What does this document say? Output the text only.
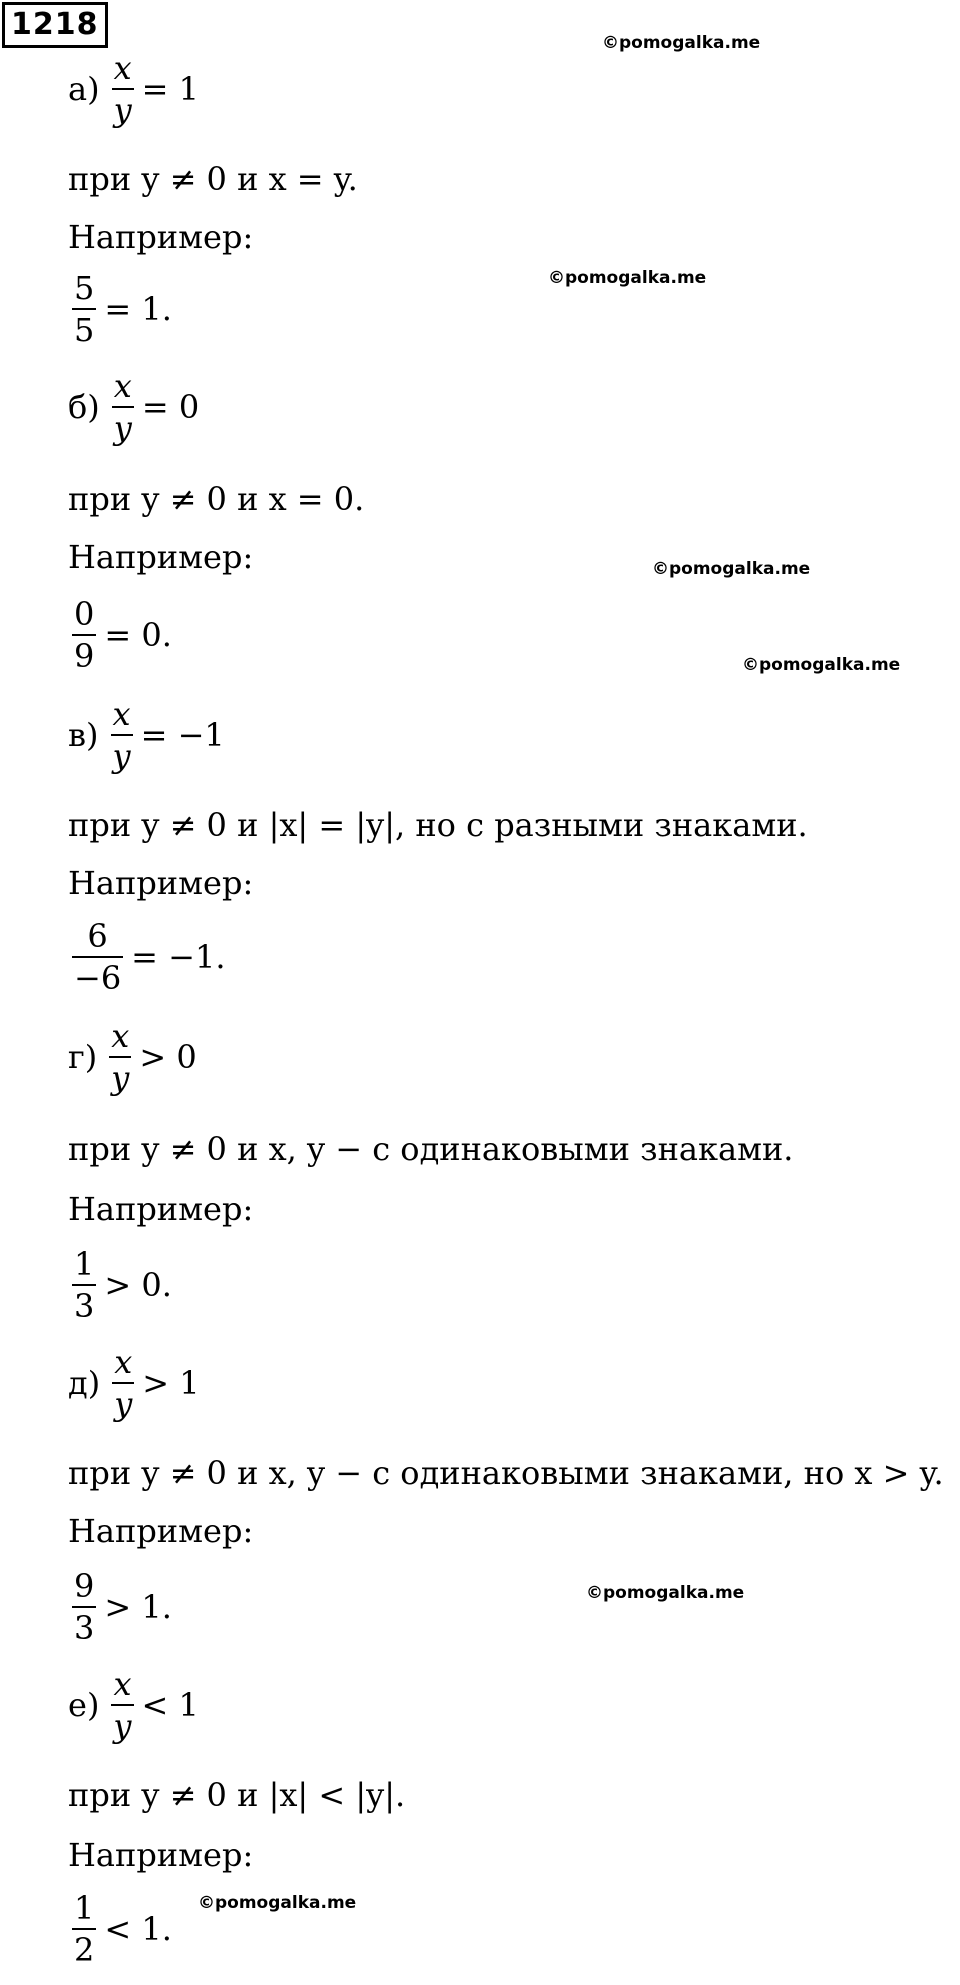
1218
©pomogalka.me
©pomogalka.me
©pomogalka.me
©pomogalka.me
©pomogalka.me
©pomogalka.me
$а) \frac{x}{y} = 1$
при y ≠ 0 и x = y.
Например:
$\frac{5}{5} = 1$.
$б) \frac{x}{y} = 0$
при y ≠ 0 и x = 0.
Например:
$\frac{0}{9} = 0$.
$в) \frac{x}{y} = -1$
при y ≠ 0 и |x| = |y|, но с разными знаками.
Например:
$\frac{6}{-6} = -1$.
$г) \frac{x}{y} > 0$
при y ≠ 0 и x, y − с одинаковыми знаками.
Например:
$\frac{1}{3} > 0$.
$д) \frac{x}{y} > 1$
при y ≠ 0 и x, y − с одинаковыми знаками, но x > y.
Например:
$\frac{9}{3} > 1$.
$е) \frac{x}{y} < 1$
при y ≠ 0 и |x| < |y|.
Например:
$\frac{1}{2} < 1$.
